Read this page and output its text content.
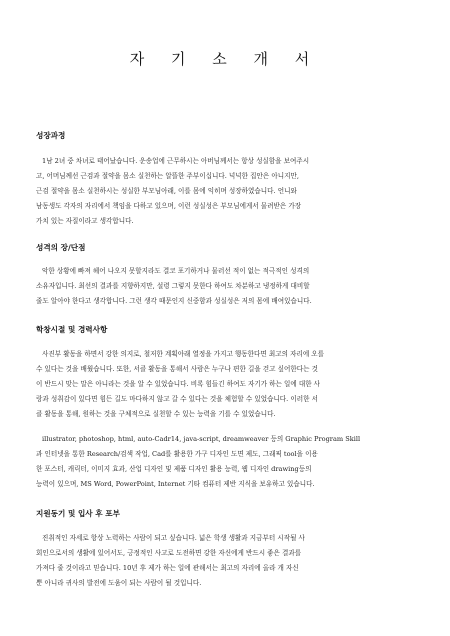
자 기 소 개 서
성장과정
1남 2녀 중 차녀로 태어났습니다. 운송업에 근무하시는 아버님께서는 항상 성실함을 보여주시
고, 어머님께선 근검과 절약을 몸소 실천하는 알뜰한 주부이십니다. 넉넉한 집안은 아니지만,
근검 절약을 몸소 실천하시는 성실한 부모님아래, 이를 몸에 익히며 성장하였습니다. 언니와
남동생도 각자의 자리에서 책임을 다하고 있으며, 이런 성실성은 부모님에게서 물려받은 가장
가치 있는 자질이라고 생각합니다.
성격의 장/단점
악한 상황에 빠져 헤어 나오지 못할지라도 결코 포기하거나 물러선 적이 없는 적극적인 성격의
소유자입니다. 최선의 결과를 지향하지만, 설령 그렇지 못한다 하여도 차분하고 냉정하게 대비할
줄도 알아야 한다고 생각합니다. 그런 생각 때문인지 신중함과 성실성은 저의 몸에 배여있습니다.
학창시절 및 경력사항
사진부 활동을 하면서 강한 의지로, 철저한 계획아래 열정을 가지고 행동한다면 최고의 자리에 오를
수 있다는 것을 배웠습니다. 또한, 서클 활동을 통해서 사람은 누구나 편한 길을 걷고 싶어한다는 것
이 반드시 맞는 말은 아니라는 것을 알 수 있었습니다. 비록 힘들긴 하여도 자기가 하는 일에 대한 사
랑과 성취감이 있다면 힘든 길도 마다하지 않고 갈 수 있다는 것을 체험할 수 있었습니다. 이러한 서
클 활동을 통해, 원하는 것을 구체적으로 실천할 수 있는 능력을 기를 수 있었습니다.
illustrator, photoshop, html, auto-Cadr14, java-script, dreamweaver 등의 Graphic Program Skill
과 인터넷을 통한 Research/검색 작업, Cad를 활용한 가구 디자인 도면 제도, 그래픽 tool을 이용
한 포스터, 캐릭터, 이미지 효과, 산업 디자인 및 제품 디자인 활용 능력, 웹 디자인 drawing등의
능력이 있으며, MS Word, PowerPoint, Internet 기타 컴퓨터 제반 지식을 보유하고 있습니다.
지원동기 및 입사 후 포부
진취적인 자세로 항상 노력하는 사람이 되고 싶습니다. 넓은 학생 생활과 지금부터 시작될 사
회인으로서의 생활에 있어서도, 긍정적인 사고로 도전하면 강한 자신에게 반드시 좋은 결과를
가져다 줄 것이라고 믿습니다. 10년 후 제가 하는 일에 관해서는 최고의 자리에 올라 개 자신
뿐 아니라 귀사의 발전에 도움이 되는 사람이 될 것입니다.
